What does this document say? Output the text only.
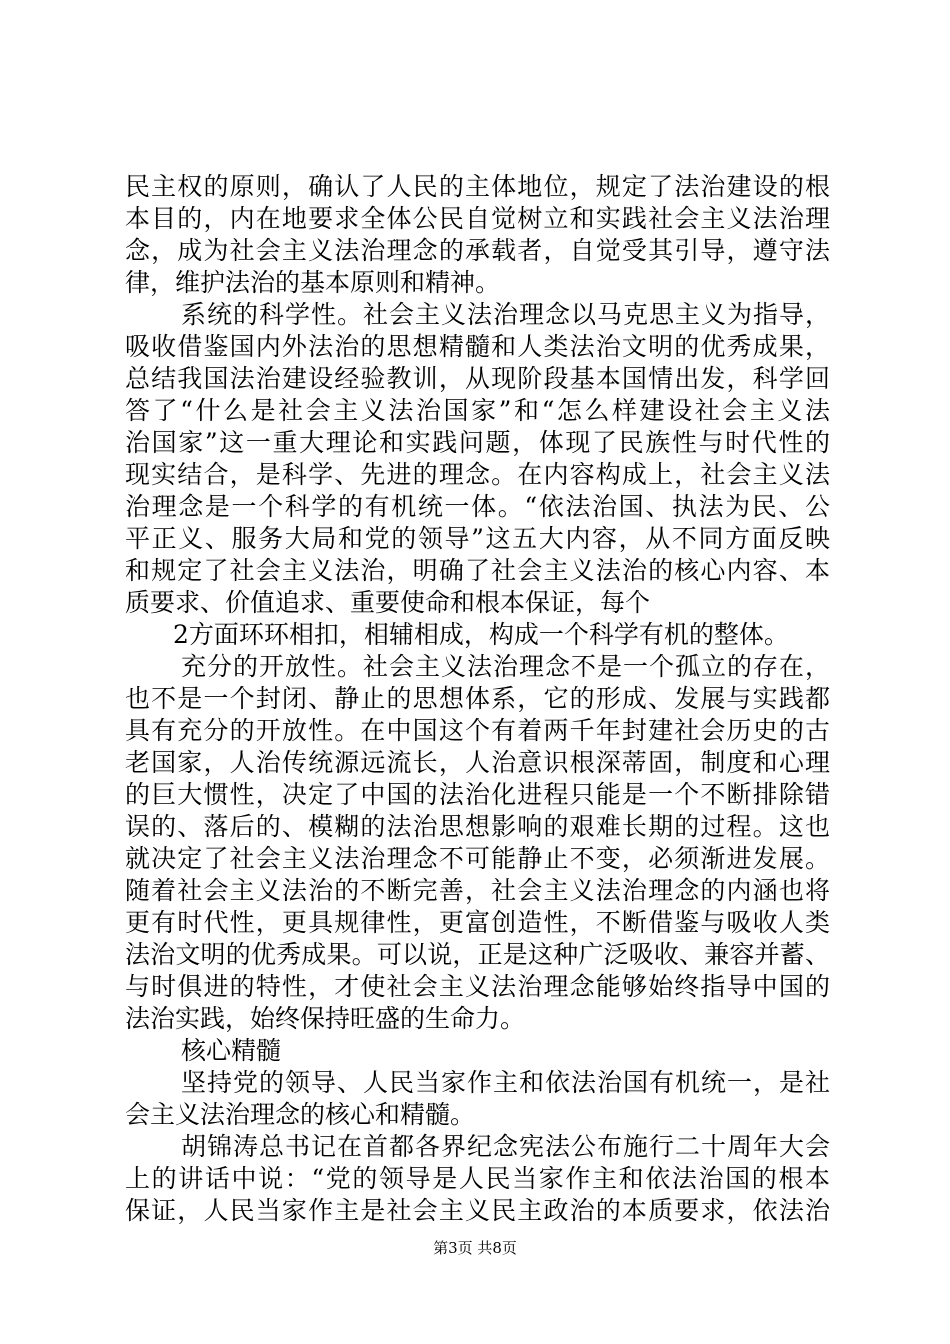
民主权的原则，确认了人民的主体地位，规定了法治建设的根
本目的，内在地要求全体公民自觉树立和实践社会主义法治理
念，成为社会主义法治理念的承载者，自觉受其引导，遵守法
律，维护法治的基本原则和精神。
系统的科学性。社会主义法治理念以马克思主义为指导，
吸收借鉴国内外法治的思想精髓和人类法治文明的优秀成果，
总结我国法治建设经验教训，从现阶段基本国情出发，科学回
答了“什么是社会主义法治国家”和“怎么样建设社会主义法
治国家”这一重大理论和实践问题，体现了民族性与时代性的
现实结合，是科学、先进的理念。在内容构成上，社会主义法
治理念是一个科学的有机统一体。“依法治国、执法为民、公
平正义、服务大局和党的领导”这五大内容，从不同方面反映
和规定了社会主义法治，明确了社会主义法治的核心内容、本
质要求、价值追求、重要使命和根本保证，每个
2方面环环相扣，相辅相成，构成一个科学有机的整体。
充分的开放性。社会主义法治理念不是一个孤立的存在，
也不是一个封闭、静止的思想体系，它的形成、发展与实践都
具有充分的开放性。在中国这个有着两千年封建社会历史的古
老国家，人治传统源远流长，人治意识根深蒂固，制度和心理
的巨大惯性，决定了中国的法治化进程只能是一个不断排除错
误的、落后的、模糊的法治思想影响的艰难长期的过程。这也
就决定了社会主义法治理念不可能静止不变，必须渐进发展。
随着社会主义法治的不断完善，社会主义法治理念的内涵也将
更有时代性，更具规律性，更富创造性，不断借鉴与吸收人类
法治文明的优秀成果。可以说，正是这种广泛吸收、兼容并蓄、
与时俱进的特性，才使社会主义法治理念能够始终指导中国的
法治实践，始终保持旺盛的生命力。
核心精髓
坚持党的领导、人民当家作主和依法治国有机统一，是社
会主义法治理念的核心和精髓。
胡锦涛总书记在首都各界纪念宪法公布施行二十周年大会
上的讲话中说：“党的领导是人民当家作主和依法治国的根本
保证，人民当家作主是社会主义民主政治的本质要求，依法治
第3页 共8页
